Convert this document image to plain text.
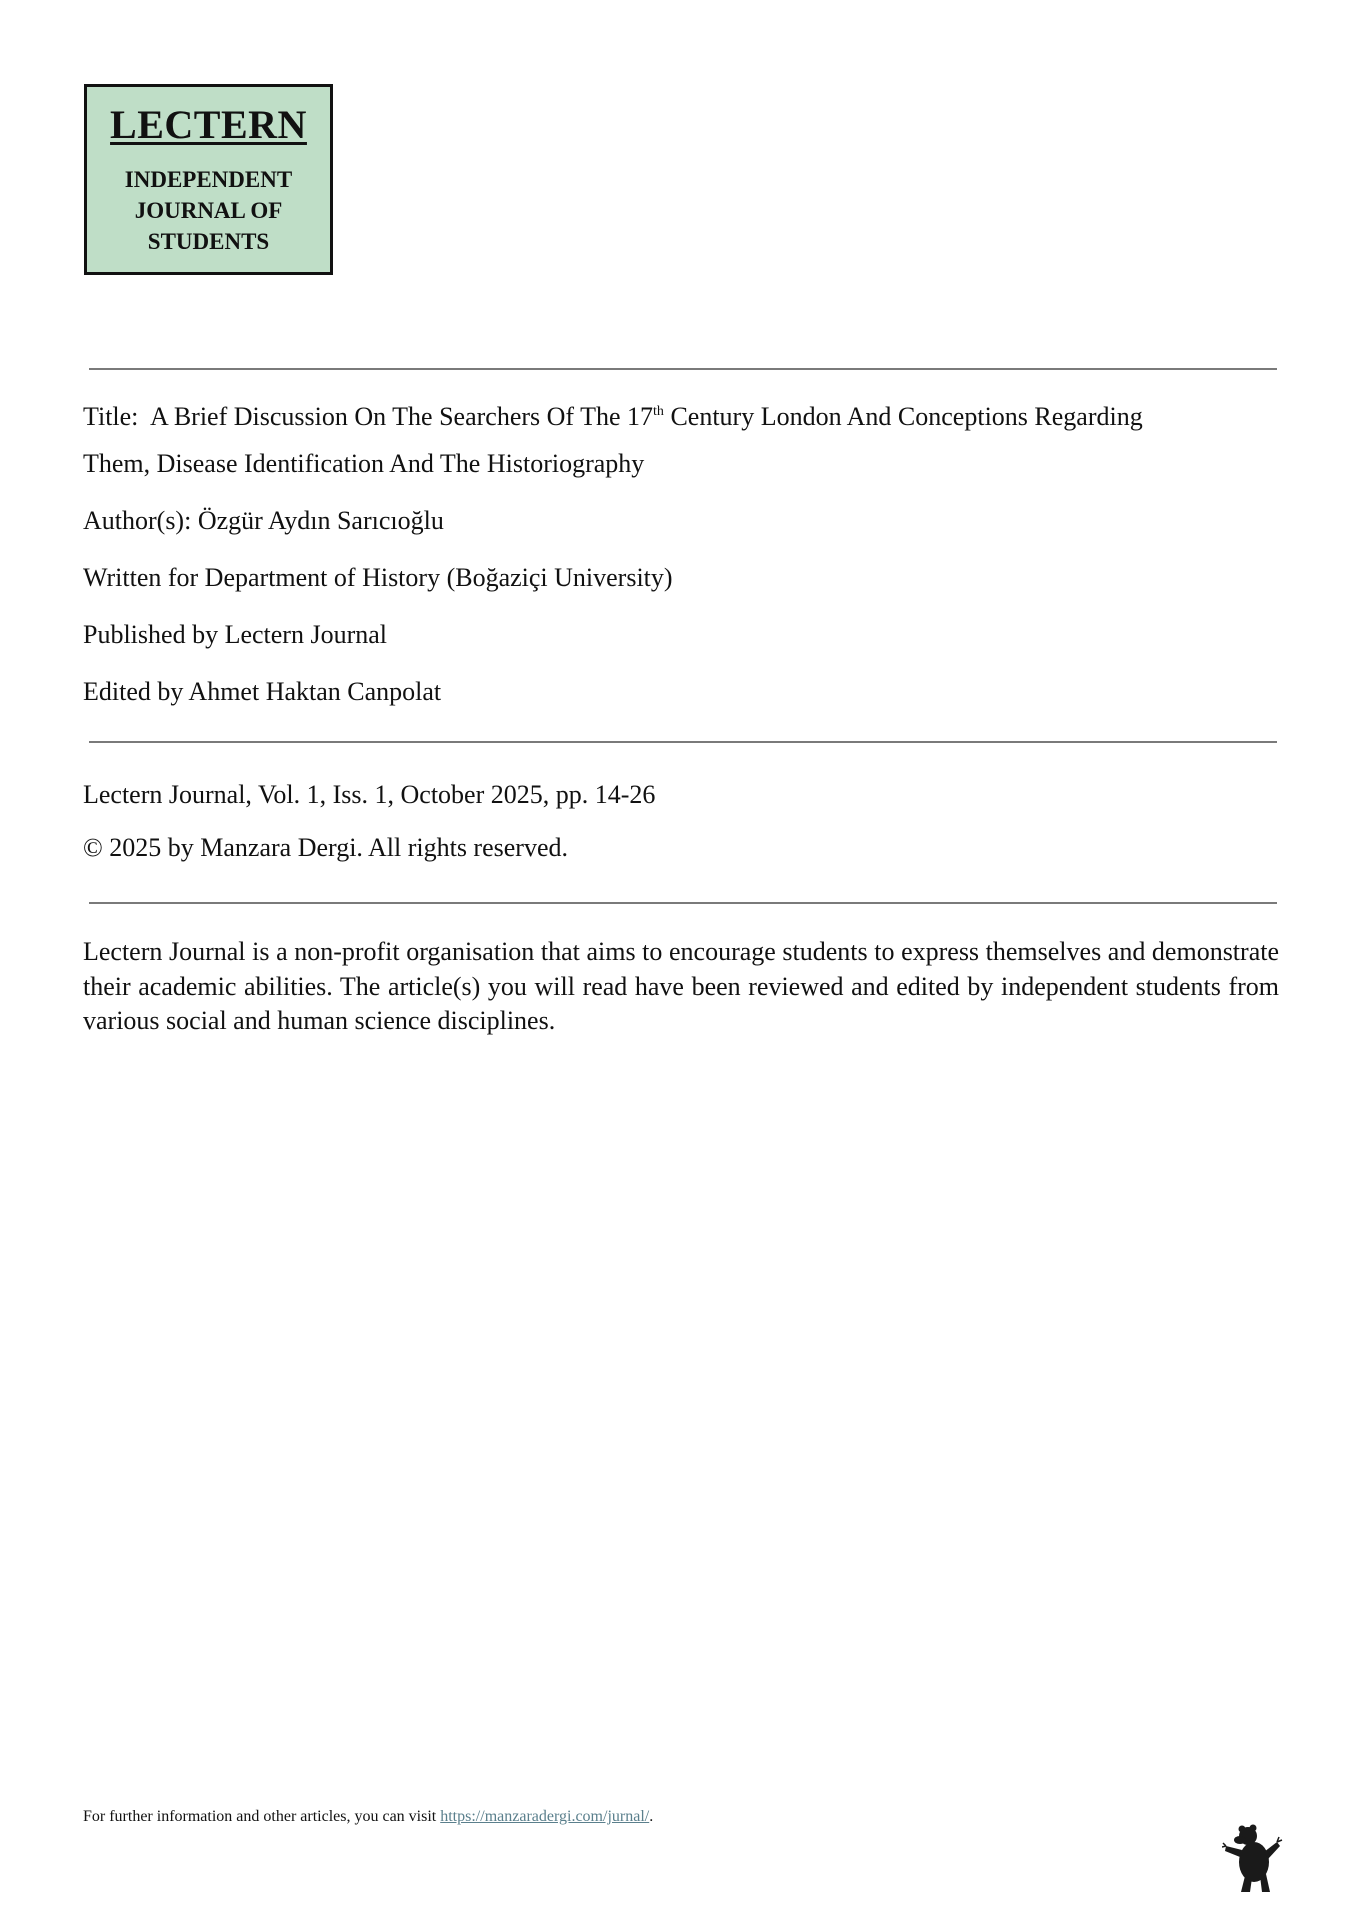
LECTERN
INDEPENDENT
JOURNAL OF
STUDENTS
Title: A Brief Discussion On The Searchers Of The 17th Century London And Conceptions Regarding
Them, Disease Identification And The Historiography
Author(s): Özgür Aydın Sarıcıoğlu
Written for Department of History (Boğaziçi University)
Published by Lectern Journal
Edited by Ahmet Haktan Canpolat
Lectern Journal, Vol. 1, Iss. 1, October 2025, pp. 14-26
© 2025 by Manzara Dergi. All rights reserved.
Lectern Journal is a non-profit organisation that aims to encourage students to express themselves and demonstrate their academic abilities. The article(s) you will read have been reviewed and edited by independent students from various social and human science disciplines.
For further information and other articles, you can visit https://manzaradergi.com/jurnal/.
